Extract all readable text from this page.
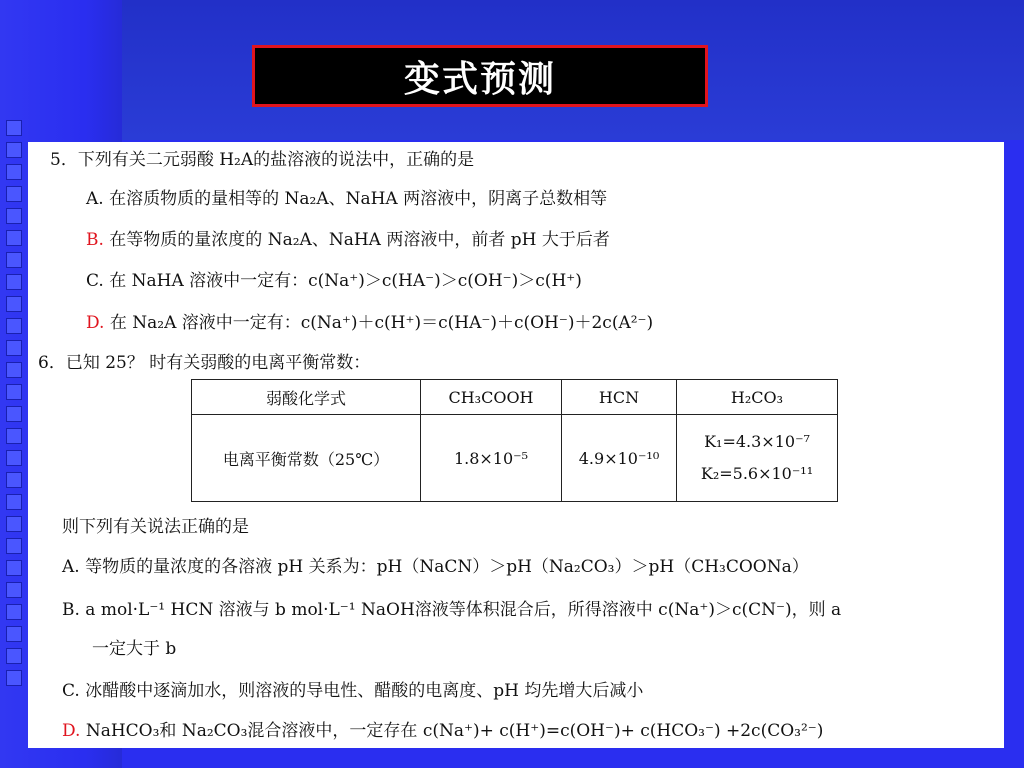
变式预测
5．下列有关二元弱酸 H₂A的盐溶液的说法中，正确的是
A. 在溶质物质的量相等的 Na₂A、NaHA 两溶液中，阴离子总数相等
B. 在等物质的量浓度的 Na₂A、NaHA 两溶液中，前者 pH 大于后者
C. 在 NaHA 溶液中一定有：c(Na⁺)＞c(HA⁻)＞c(OH⁻)＞c(H⁺)
D. 在 Na₂A 溶液中一定有：c(Na⁺)＋c(H⁺)＝c(HA⁻)＋c(OH⁻)＋2c(A²⁻)
6．已知 25？ 时有关弱酸的电离平衡常数：
弱酸化学式	CH₃COOH	HCN	H₂CO₃
电离平衡常数（25℃）	1.8×10⁻⁵	4.9×10⁻¹⁰	K₁=4.3×10⁻⁷
K₂=5.6×10⁻¹¹
则下列有关说法正确的是
A. 等物质的量浓度的各溶液 pH 关系为：pH（NaCN）＞pH（Na₂CO₃）＞pH（CH₃COONa）
B. a mol·L⁻¹ HCN 溶液与 b mol·L⁻¹ NaOH溶液等体积混合后，所得溶液中 c(Na⁺)＞c(CN⁻)，则 a
一定大于 b
C. 冰醋酸中逐滴加水，则溶液的导电性、醋酸的电离度、pH 均先增大后减小
D. NaHCO₃和 Na₂CO₃混合溶液中，一定存在 c(Na⁺)+ c(H⁺)=c(OH⁻)+ c(HCO₃⁻) +2c(CO₃²⁻)
